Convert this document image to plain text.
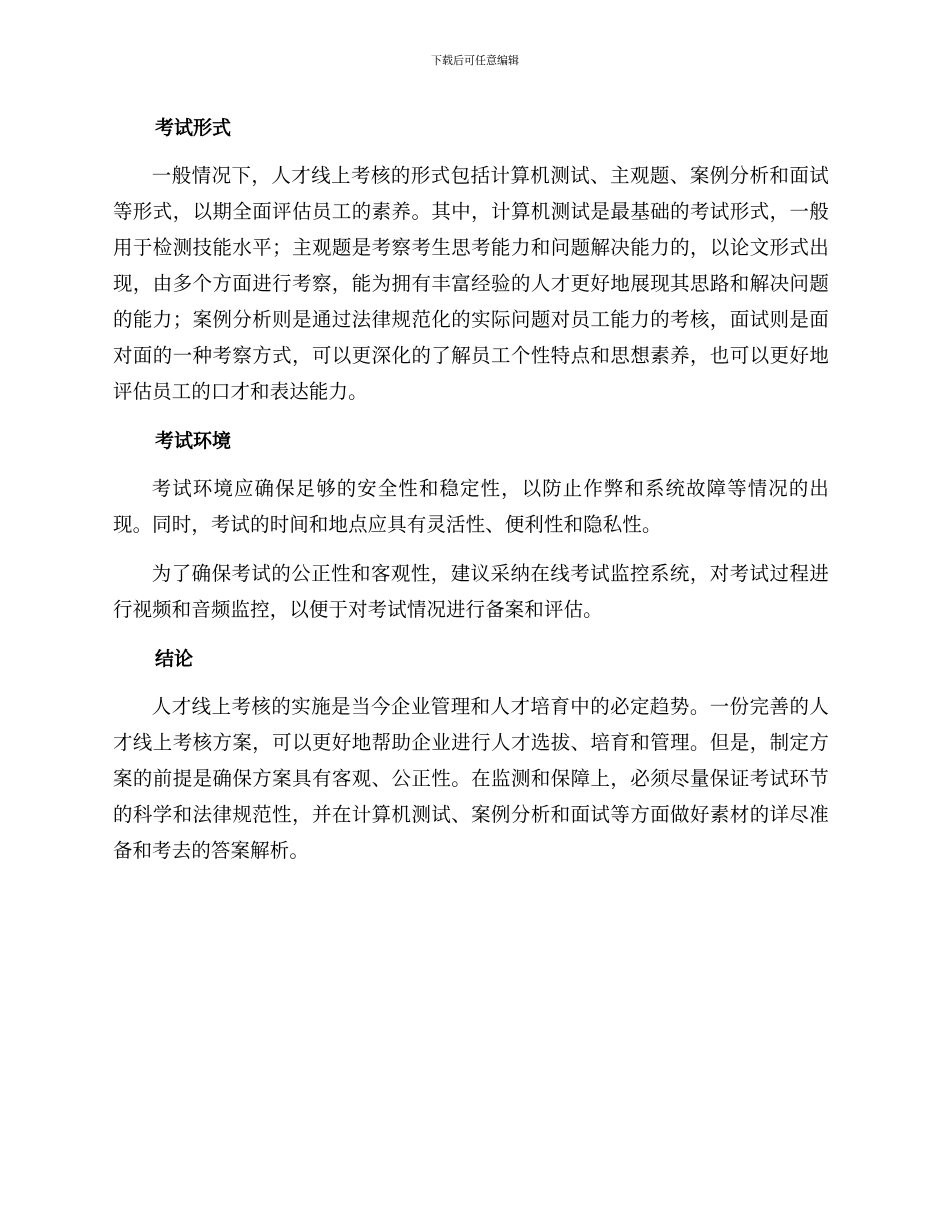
下载后可任意编辑
考试形式

一般情况下，人才线上考核的形式包括计算机测试、主观题、案例分析和面试等形式，以期全面评估员工的素养。其中，计算机测试是最基础的考试形式，一般用于检测技能水平；主观题是考察考生思考能力和问题解决能力的，以论文形式出现，由多个方面进行考察，能为拥有丰富经验的人才更好地展现其思路和解决问题的能力；案例分析则是通过法律规范化的实际问题对员工能力的考核，面试则是面对面的一种考察方式，可以更深化的了解员工个性特点和思想素养，也可以更好地评估员工的口才和表达能力。

考试环境

考试环境应确保足够的安全性和稳定性，以防止作弊和系统故障等情况的出现。同时，考试的时间和地点应具有灵活性、便利性和隐私性。

为了确保考试的公正性和客观性，建议采纳在线考试监控系统，对考试过程进行视频和音频监控，以便于对考试情况进行备案和评估。

结论

人才线上考核的实施是当今企业管理和人才培育中的必定趋势。一份完善的人才线上考核方案，可以更好地帮助企业进行人才选拔、培育和管理。但是，制定方案的前提是确保方案具有客观、公正性。在监测和保障上，必须尽量保证考试环节的科学和法律规范性，并在计算机测试、案例分析和面试等方面做好素材的详尽准备和考去的答案解析。
